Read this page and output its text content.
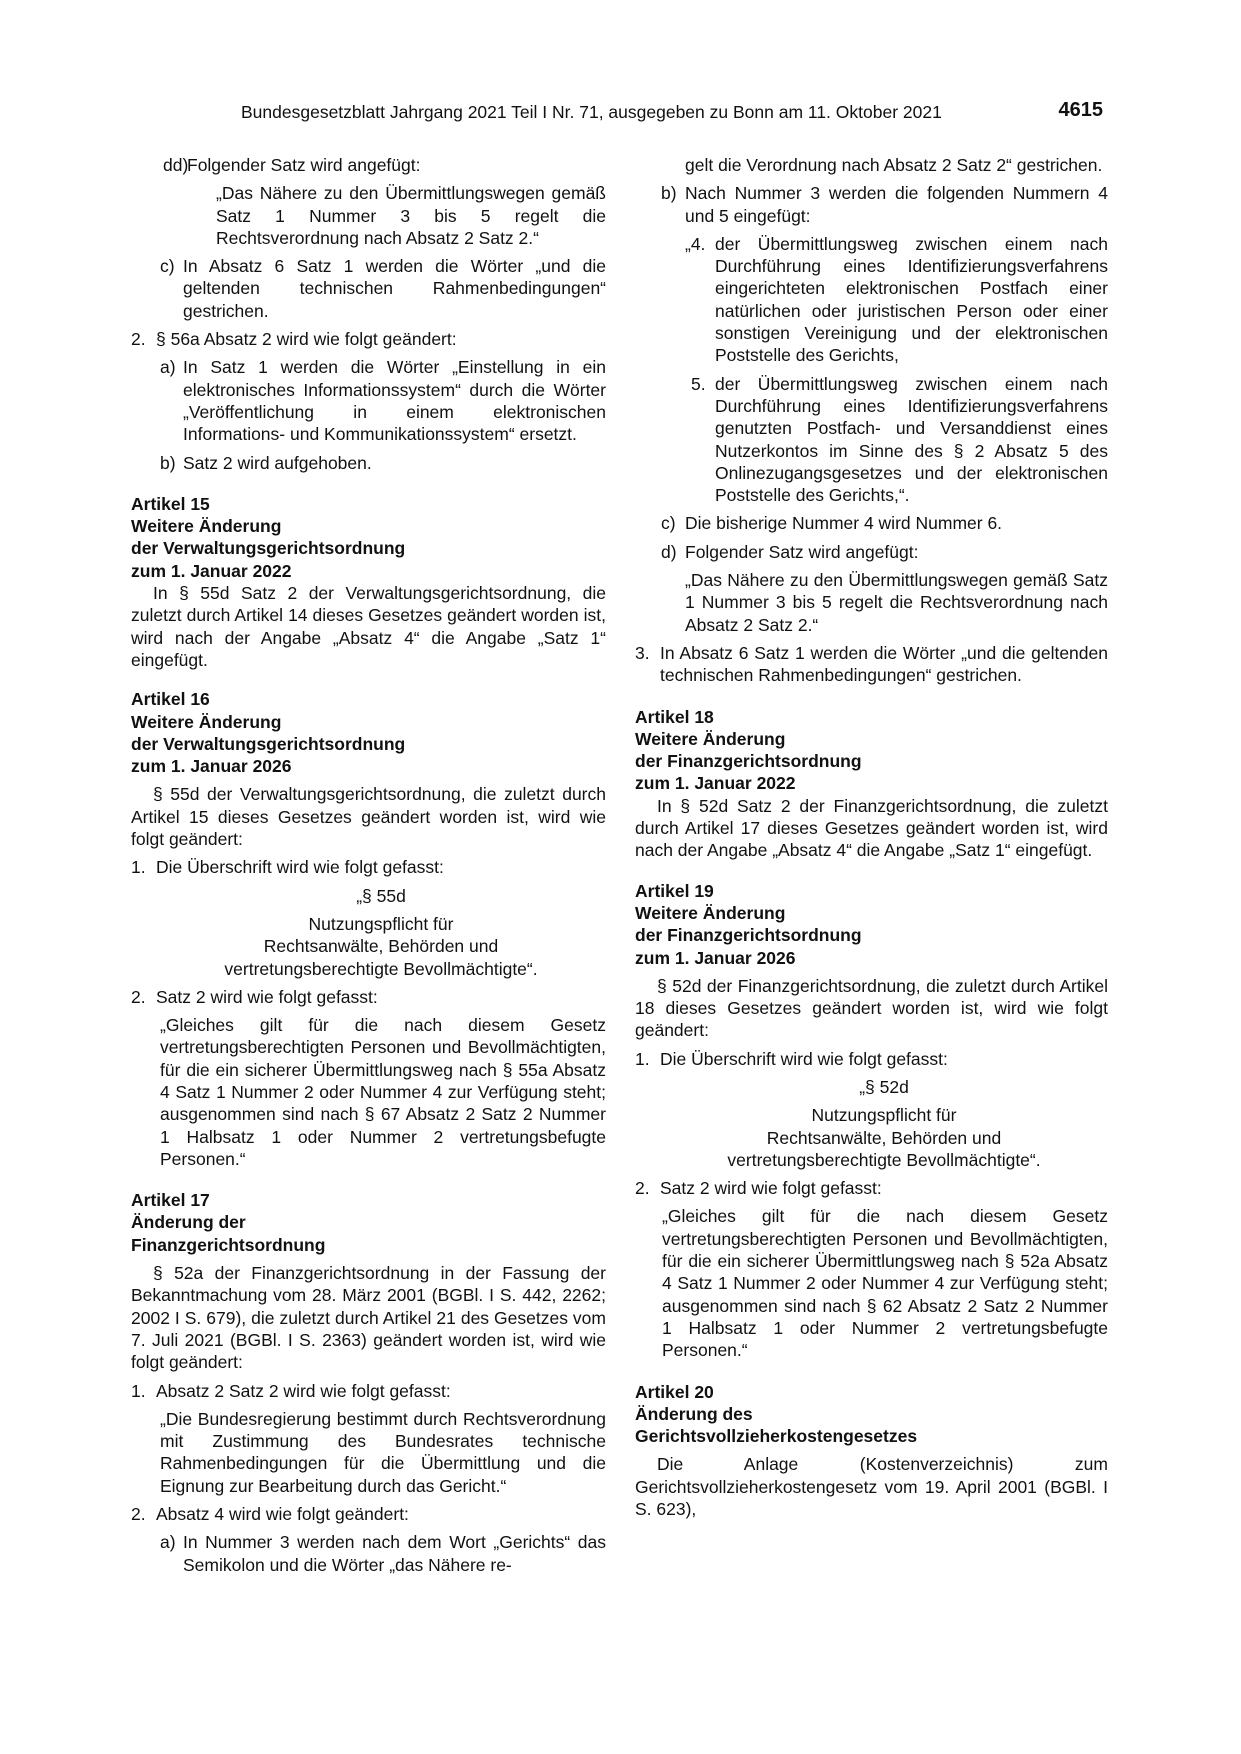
Bundesgesetzblatt Jahrgang 2021 Teil I Nr. 71, ausgegeben zu Bonn am 11. Oktober 2021	4615
dd)

Folgender Satz wird angefügt:

„Das Nähere zu den Übermittlungswegen gemäß Satz 1 Nummer 3 bis 5 regelt die Rechtsverordnung nach Absatz 2 Satz 2.“

c) In Absatz 6 Satz 1 werden die Wörter „und die geltenden technischen Rahmenbedingungen“ gestrichen.

2. § 56a Absatz 2 wird wie folgt geändert:

a) In Satz 1 werden die Wörter „Einstellung in ein elektronisches Informationssystem“ durch die Wörter „Veröffentlichung in einem elektronischen Informations- und Kommunikationssystem“ ersetzt.

b) Satz 2 wird aufgehoben.

Artikel 15

Weitere Änderung

der Verwaltungsgerichtsordnung

zum 1. Januar 2022

In § 55d Satz 2 der Verwaltungsgerichtsordnung, die zuletzt durch Artikel 14 dieses Gesetzes geändert worden ist, wird nach der Angabe „Absatz 4“ die Angabe „Satz 1“ eingefügt.

Artikel 16

Weitere Änderung

der Verwaltungsgerichtsordnung

zum 1. Januar 2026

§ 55d der Verwaltungsgerichtsordnung, die zuletzt durch Artikel 15 dieses Gesetzes geändert worden ist, wird wie folgt geändert:

1. Die Überschrift wird wie folgt gefasst:

„§ 55d

Nutzungspflicht für

Rechtsanwälte, Behörden und

vertretungsberechtigte Bevollmächtigte“.

2. Satz 2 wird wie folgt gefasst:

„Gleiches gilt für die nach diesem Gesetz vertretungsberechtigten Personen und Bevollmächtigten, für die ein sicherer Übermittlungsweg nach § 55a Absatz 4 Satz 1 Nummer 2 oder Nummer 4 zur Verfügung steht; ausgenommen sind nach § 67 Absatz 2 Satz 2 Nummer 1 Halbsatz 1 oder Nummer 2 vertretungsbefugte Personen.“

Artikel 17

Änderung der

Finanzgerichtsordnung

§ 52a der Finanzgerichtsordnung in der Fassung der Bekanntmachung vom 28. März 2001 (BGBl. I S. 442, 2262; 2002 I S. 679), die zuletzt durch Artikel 21 des Gesetzes vom 7. Juli 2021 (BGBl. I S. 2363) geändert worden ist, wird wie folgt geändert:

1. Absatz 2 Satz 2 wird wie folgt gefasst:

„Die Bundesregierung bestimmt durch Rechtsverordnung mit Zustimmung des Bundesrates technische Rahmenbedingungen für die Übermittlung und die Eignung zur Bearbeitung durch das Gericht.“

2. Absatz 4 wird wie folgt geändert:

a) In Nummer 3 werden nach dem Wort „Gerichts“ das Semikolon und die Wörter „das Nähere re-

gelt die Verordnung nach Absatz 2 Satz 2“ gestrichen.

b) Nach Nummer 3 werden die folgenden Nummern 4 und 5 eingefügt:

„4. der Übermittlungsweg zwischen einem nach Durchführung eines Identifizierungsverfahrens eingerichteten elektronischen Postfach einer natürlichen oder juristischen Person oder einer sonstigen Vereinigung und der elektronischen Poststelle des Gerichts,

5. der Übermittlungsweg zwischen einem nach Durchführung eines Identifizierungsverfahrens genutzten Postfach- und Versanddienst eines Nutzerkontos im Sinne des § 2 Absatz 5 des Onlinezugangsgesetzes und der elektronischen Poststelle des Gerichts,“.

c) Die bisherige Nummer 4 wird Nummer 6.

d) Folgender Satz wird angefügt:

„Das Nähere zu den Übermittlungswegen gemäß Satz 1 Nummer 3 bis 5 regelt die Rechtsverordnung nach Absatz 2 Satz 2.“

3. In Absatz 6 Satz 1 werden die Wörter „und die geltenden technischen Rahmenbedingungen“ gestrichen.

Artikel 18

Weitere Änderung

der Finanzgerichtsordnung

zum 1. Januar 2022

In § 52d Satz 2 der Finanzgerichtsordnung, die zuletzt durch Artikel 17 dieses Gesetzes geändert worden ist, wird nach der Angabe „Absatz 4“ die Angabe „Satz 1“ eingefügt.

Artikel 19

Weitere Änderung

der Finanzgerichtsordnung

zum 1. Januar 2026

§ 52d der Finanzgerichtsordnung, die zuletzt durch Artikel 18 dieses Gesetzes geändert worden ist, wird wie folgt geändert:

1. Die Überschrift wird wie folgt gefasst:

„§ 52d

Nutzungspflicht für

Rechtsanwälte, Behörden und

vertretungsberechtigte Bevollmächtigte“.

2. Satz 2 wird wie folgt gefasst:

„Gleiches gilt für die nach diesem Gesetz vertretungsberechtigten Personen und Bevollmächtigten, für die ein sicherer Übermittlungsweg nach § 52a Absatz 4 Satz 1 Nummer 2 oder Nummer 4 zur Verfügung steht; ausgenommen sind nach § 62 Absatz 2 Satz 2 Nummer 1 Halbsatz 1 oder Nummer 2 vertretungsbefugte Personen.“

Artikel 20

Änderung des

Gerichtsvollzieherkostengesetzes

Die Anlage (Kostenverzeichnis) zum Gerichtsvollzieherkostengesetz vom 19. April 2001 (BGBl. I S. 623),
